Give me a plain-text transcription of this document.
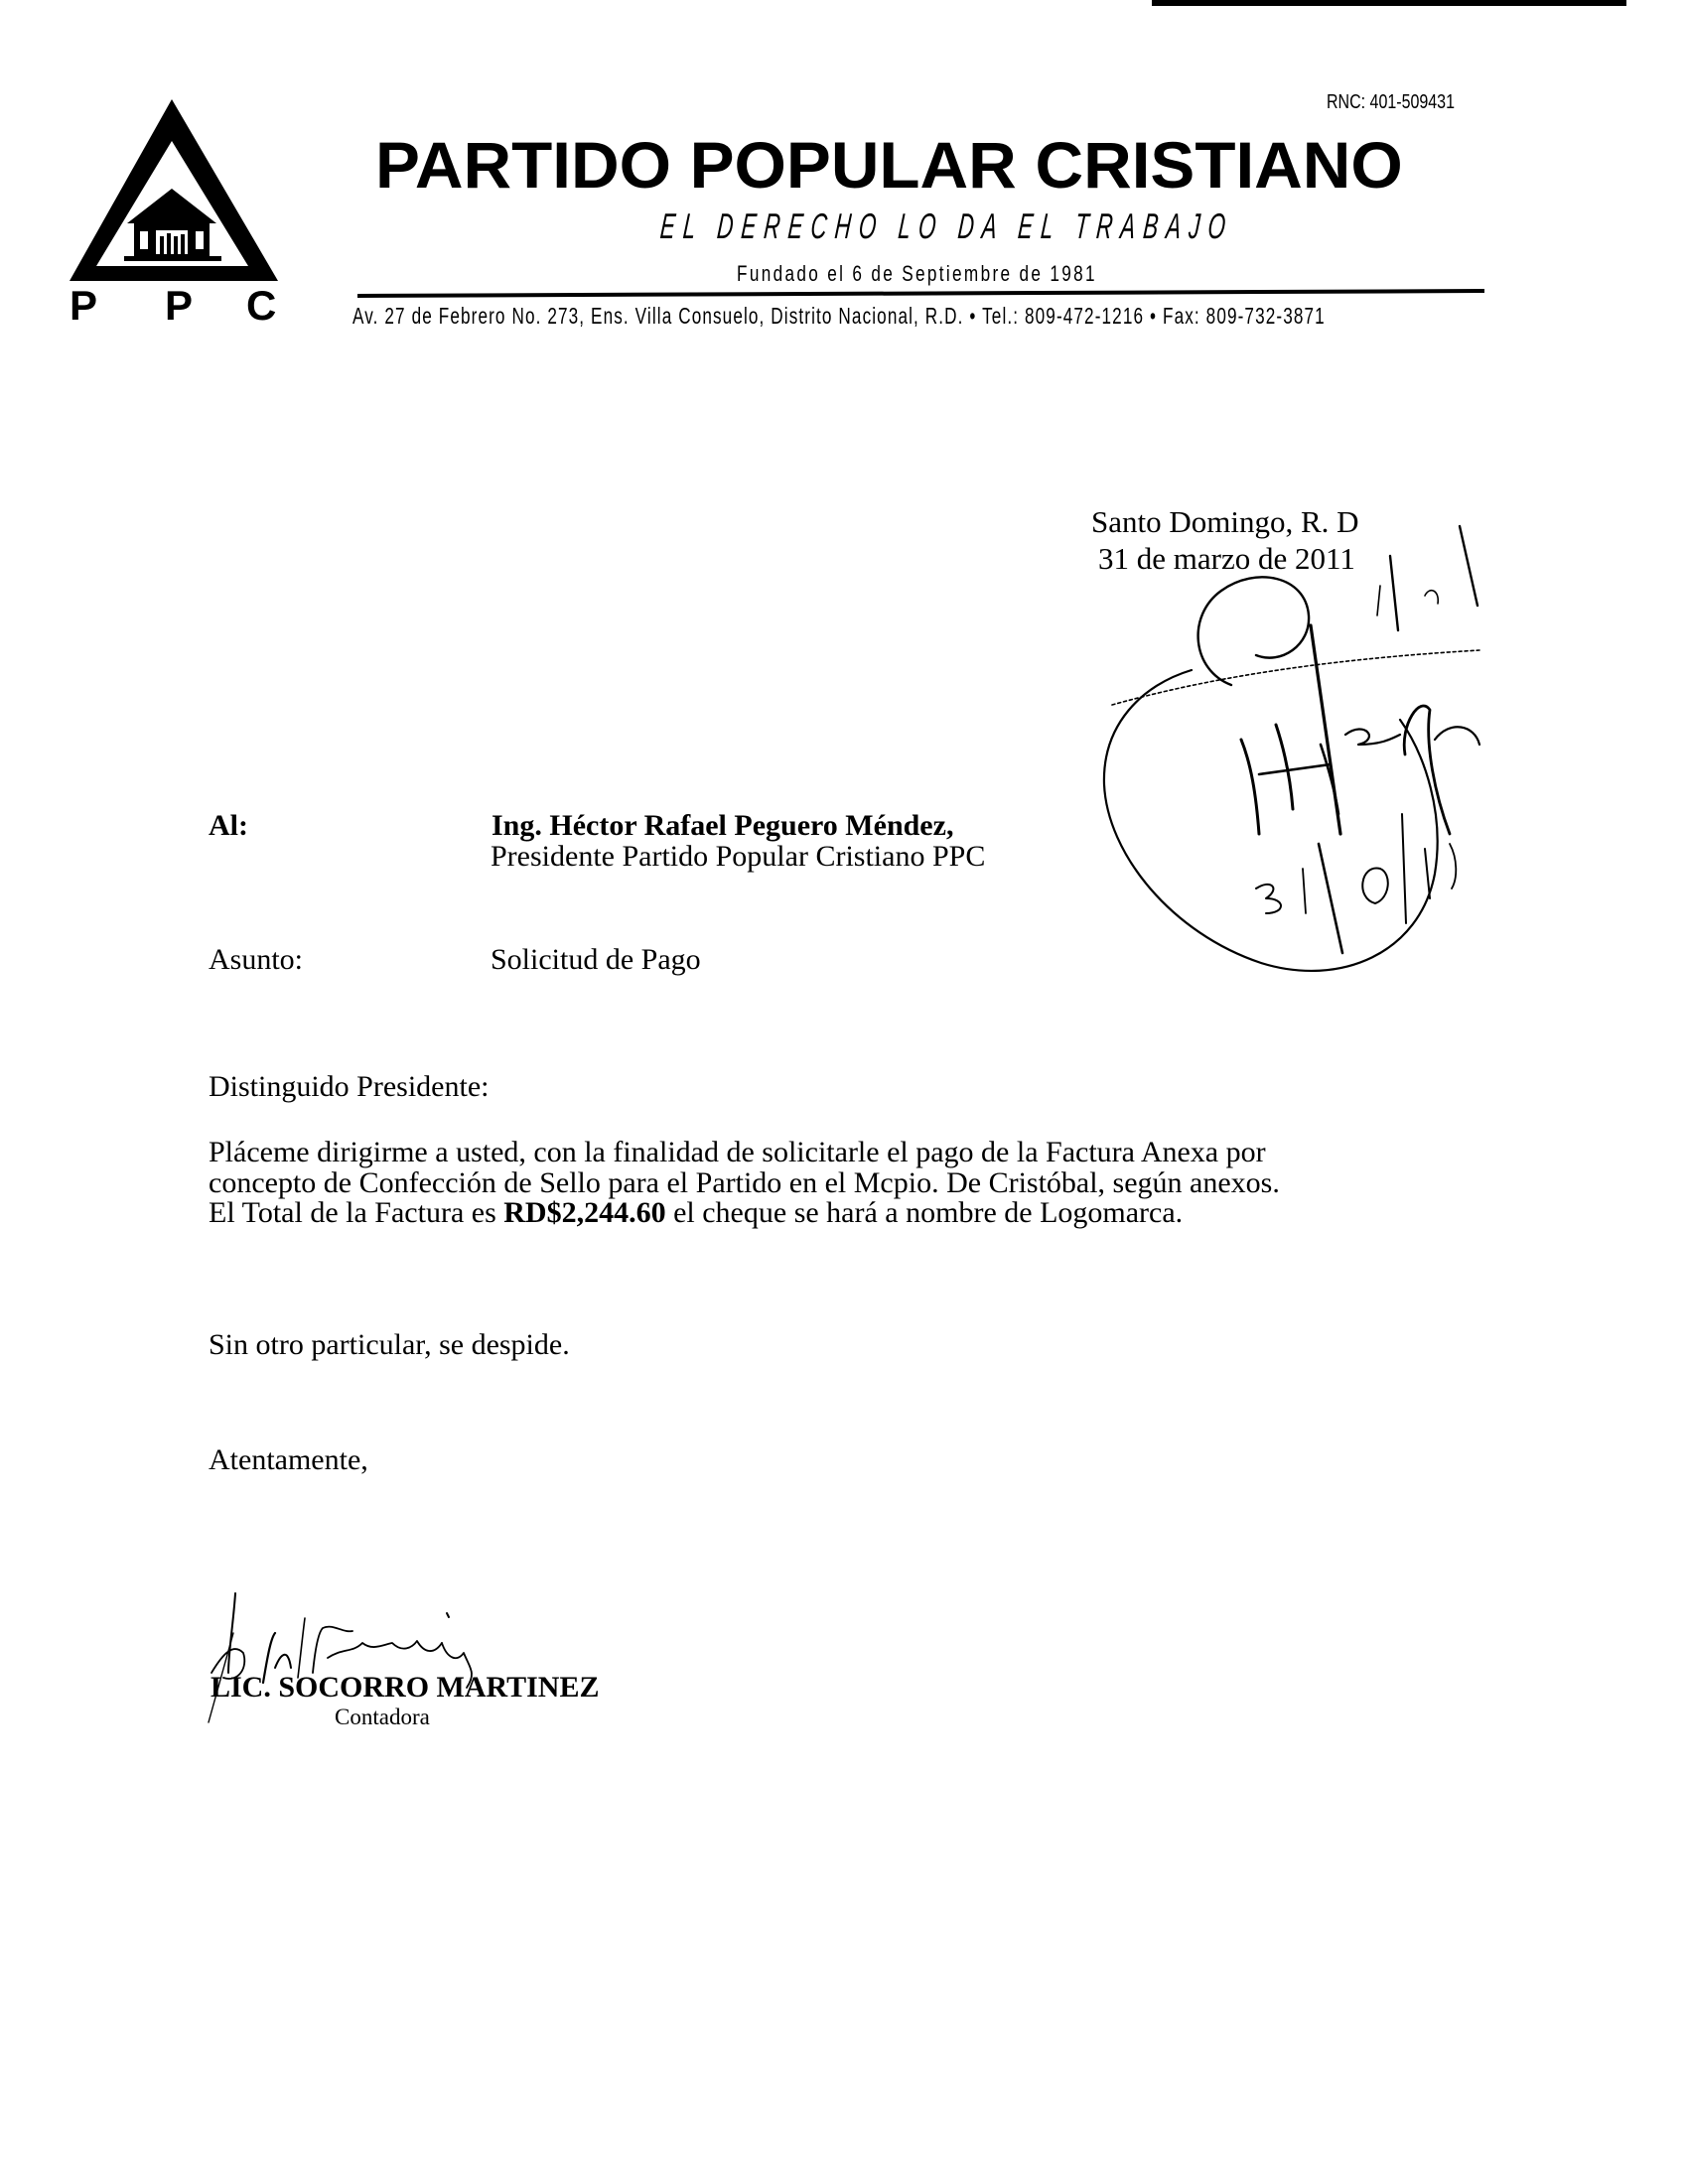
P P C
RNC: 401-509431
PARTIDO POPULAR CRISTIANO
EL DERECHO LO DA EL TRABAJO
Fundado el 6 de Septiembre de 1981
Av. 27 de Febrero No. 273, Ens. Villa Consuelo, Distrito Nacional, R.D. • Tel.: 809-472-1216 • Fax: 809-732-3871
Santo Domingo, R. D
31 de marzo de 2011
Al:	Ing. Héctor Rafael Peguero Méndez,
Presidente Partido Popular Cristiano PPC
Asunto:	Solicitud de Pago
Distinguido Presidente:
Pláceme dirigirme a usted, con la finalidad de solicitarle el pago de la Factura Anexa por
concepto de Confección de Sello para el Partido en el Mcpio. De Cristóbal, según anexos.
El Total de la Factura es RD$2,244.60 el cheque se hará a nombre de Logomarca.
Sin otro particular, se despide.
Atentamente,
LIC. SOCORRO MARTINEZ
Contadora
